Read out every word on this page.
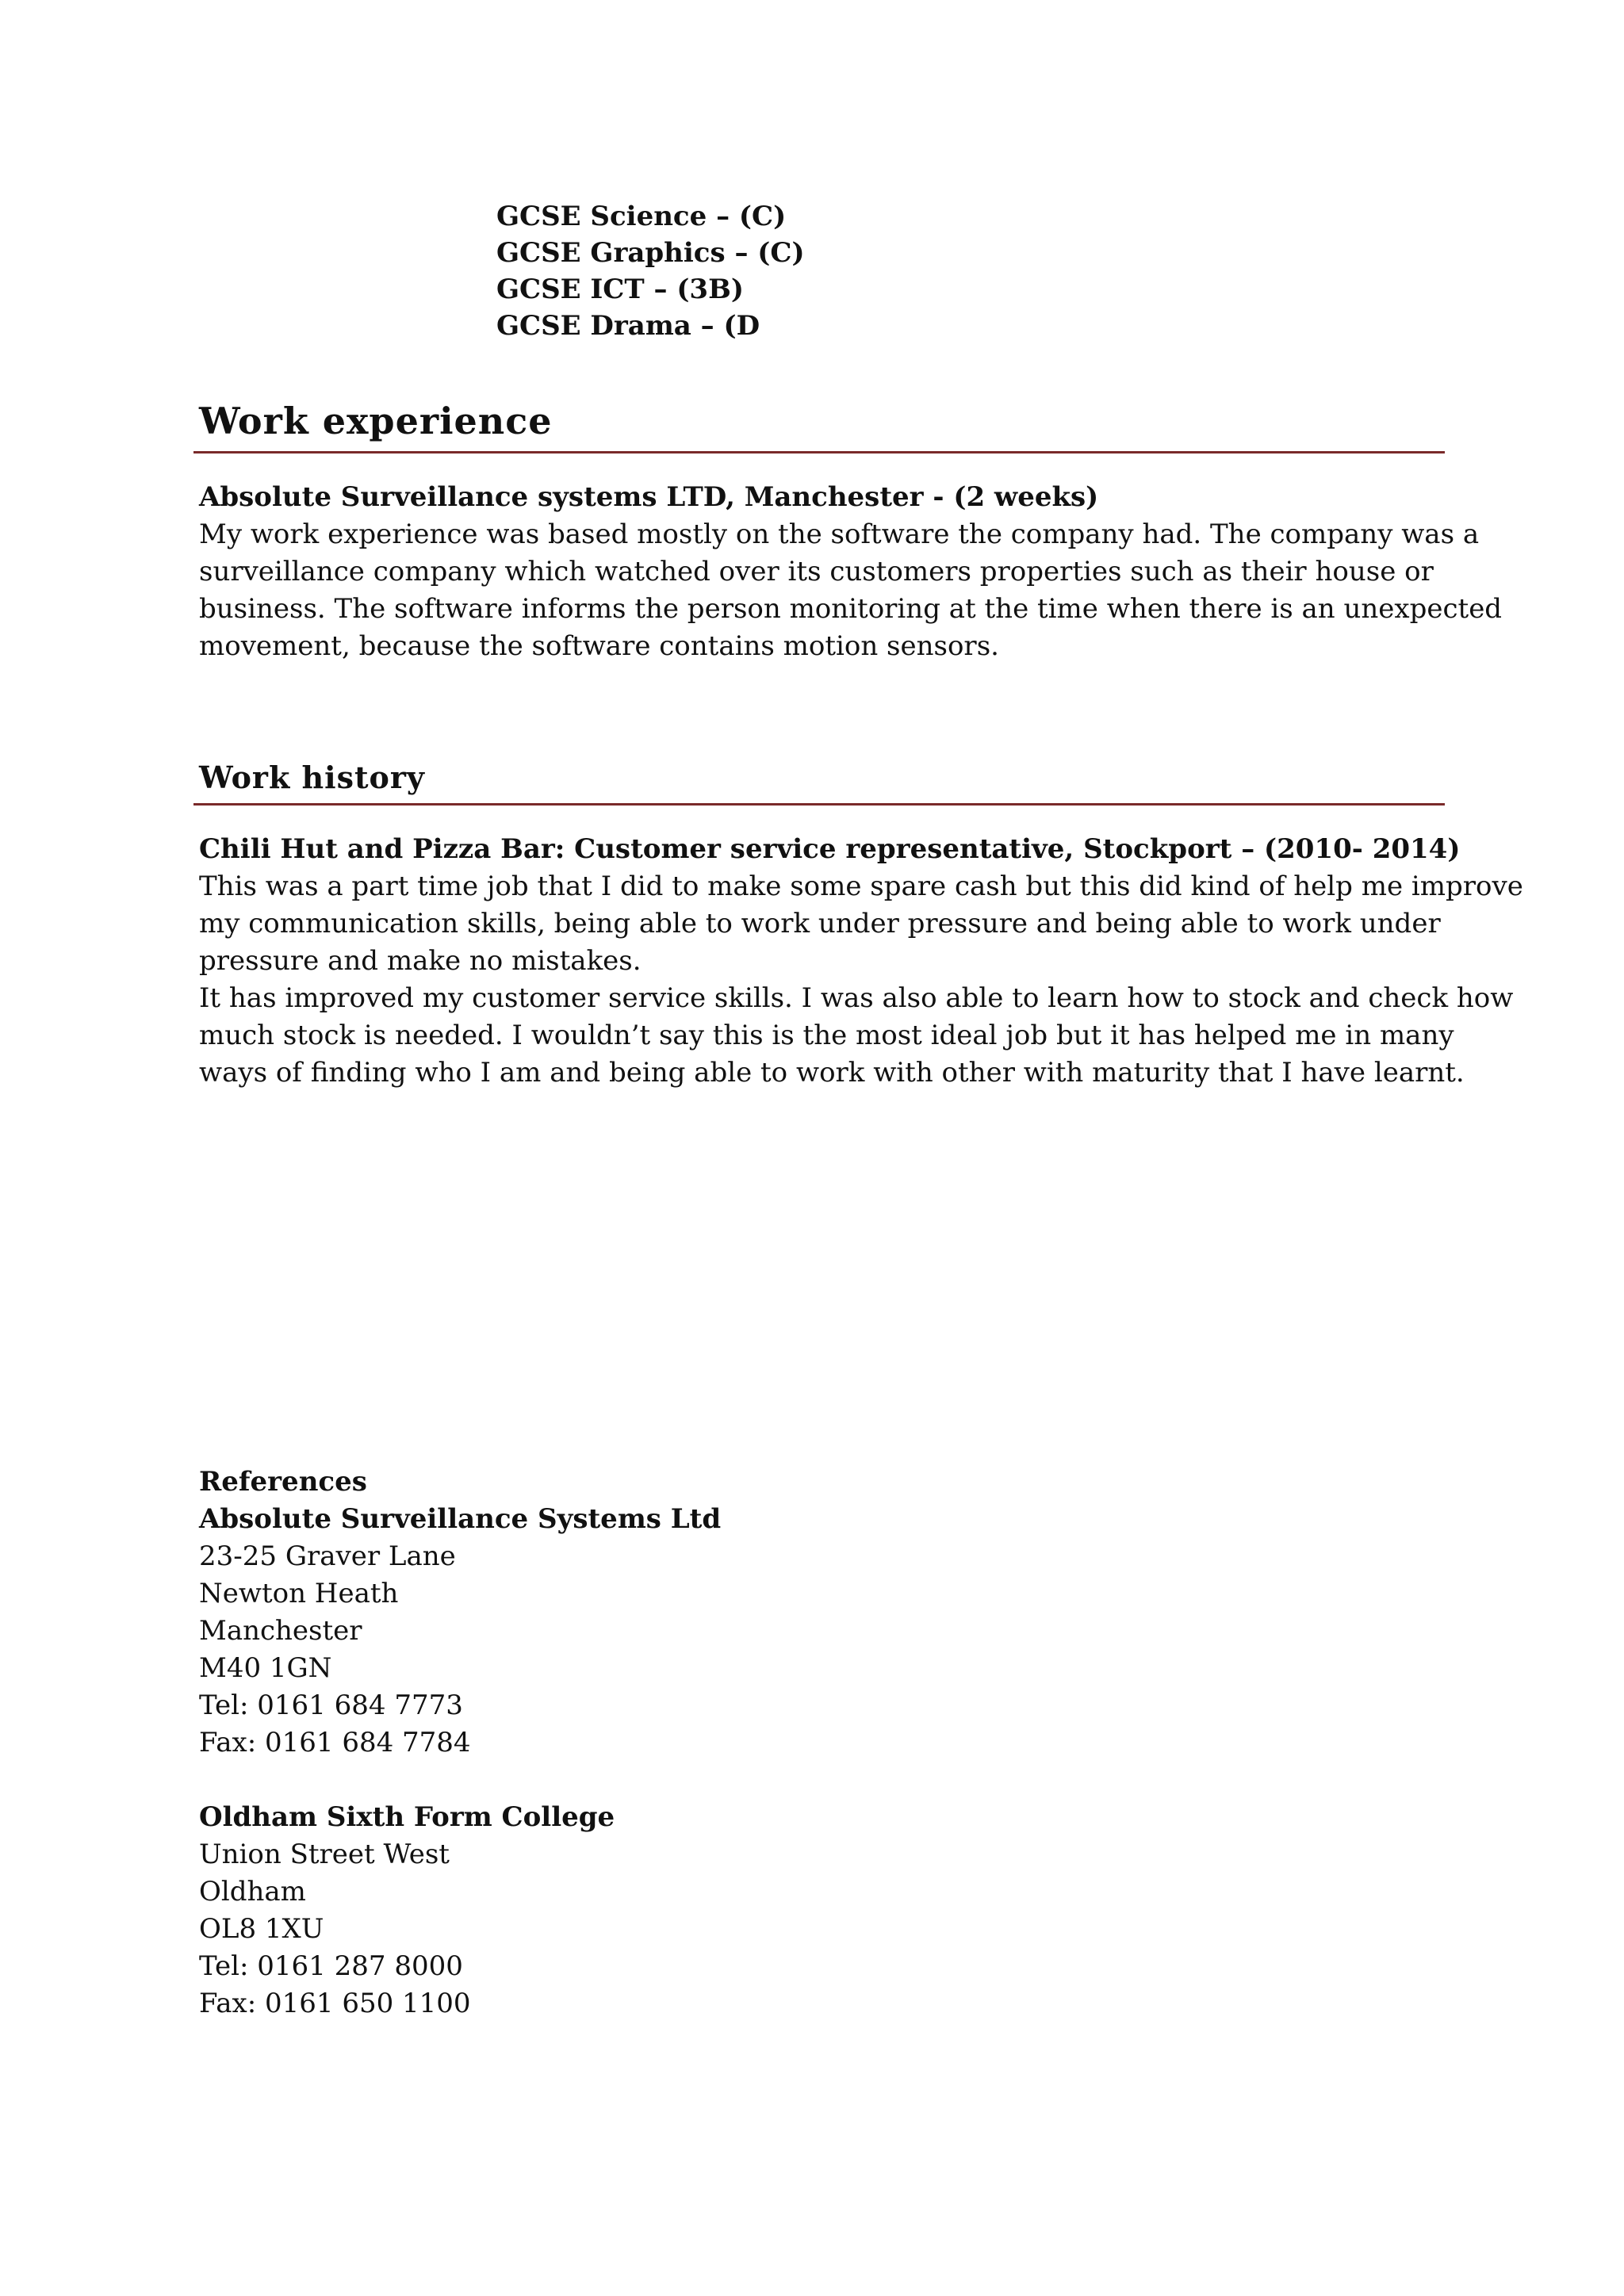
GCSE Science – (C)
GCSE Graphics – (C)
GCSE ICT – (3B)
GCSE Drama – (D
Work experience
Absolute Surveillance systems LTD, Manchester - (2 weeks)
My work experience was based mostly on the software the company had. The company was a
surveillance company which watched over its customers properties such as their house or
business. The software informs the person monitoring at the time when there is an unexpected
movement, because the software contains motion sensors.
Work history
Chili Hut and Pizza Bar: Customer service representative, Stockport – (2010- 2014)
This was a part time job that I did to make some spare cash but this did kind of help me improve
my communication skills, being able to work under pressure and being able to work under
pressure and make no mistakes.
It has improved my customer service skills. I was also able to learn how to stock and check how
much stock is needed. I wouldn’t say this is the most ideal job but it has helped me in many
ways of finding who I am and being able to work with other with maturity that I have learnt.
References
Absolute Surveillance Systems Ltd
23-25 Graver Lane
Newton Heath
Manchester
M40 1GN
Tel: 0161 684 7773
Fax: 0161 684 7784
Oldham Sixth Form College
Union Street West
Oldham
OL8 1XU
Tel: 0161 287 8000
Fax: 0161 650 1100
